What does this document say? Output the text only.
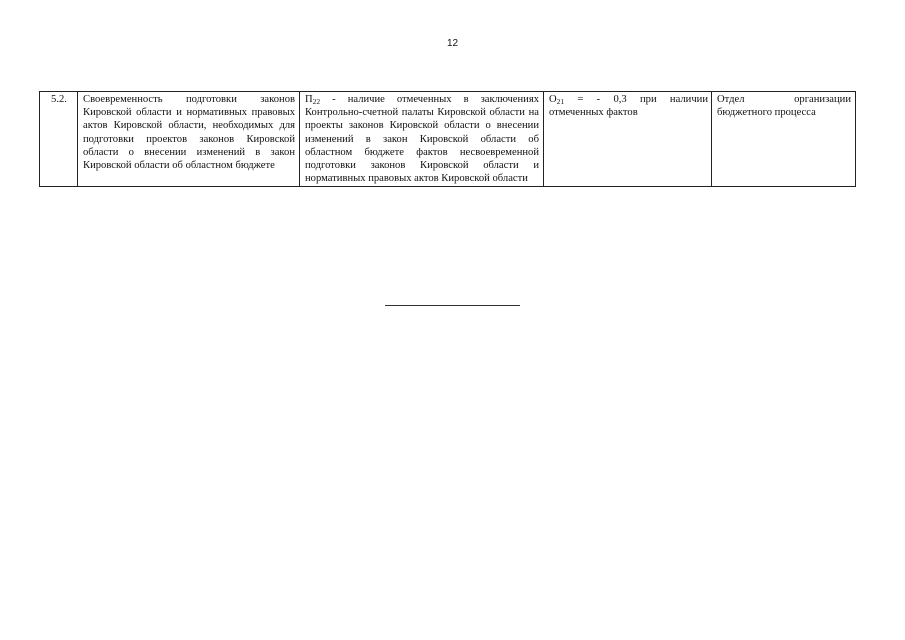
12
5.2.	Своевременность подготовки законов Кировской области и нормативных правовых актов Кировской области, необходимых для подготовки проектов законов Кировской области о внесении изменений в закон Кировской области об областном бюджете	$П_{22}$ - наличие отмеченных в заключениях Контрольно-счетной палаты Кировской области на проекты законов Кировской области о внесении изменений в закон Кировской области об областном бюджете фактов несвоевременной подготовки законов Кировской области и нормативных правовых актов Кировской области	$О_{21}$ = - 0,3 при наличии отмеченных фактов	Отдел организации бюджетного процесса
